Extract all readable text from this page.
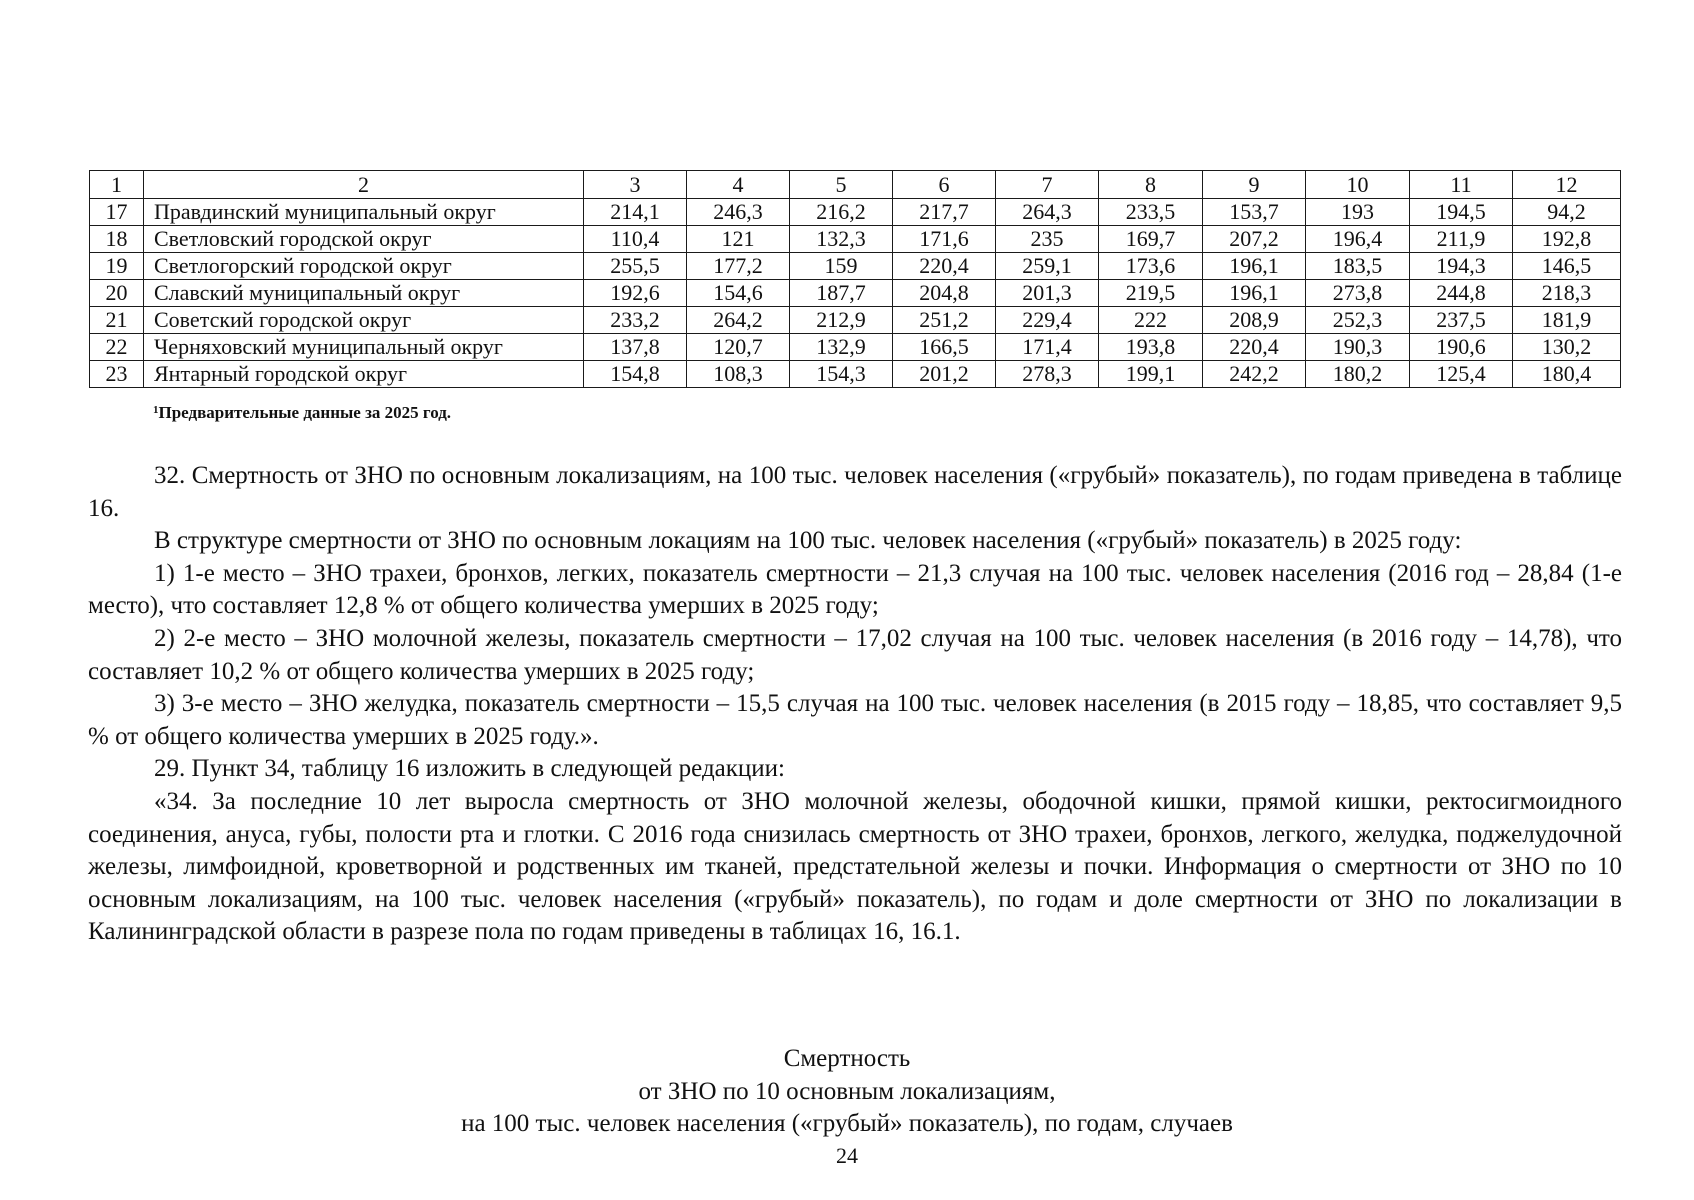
1	2	3	4	5	6	7	8	9	10	11	12
17	Правдинский муниципальный округ	214,1	246,3	216,2	217,7	264,3	233,5	153,7	193	194,5	94,2
18	Светловский городской округ	110,4	121	132,3	171,6	235	169,7	207,2	196,4	211,9	192,8
19	Светлогорский городской округ	255,5	177,2	159	220,4	259,1	173,6	196,1	183,5	194,3	146,5
20	Славский муниципальный округ	192,6	154,6	187,7	204,8	201,3	219,5	196,1	273,8	244,8	218,3
21	Советский городской округ	233,2	264,2	212,9	251,2	229,4	222	208,9	252,3	237,5	181,9
22	Черняховский муниципальный округ	137,8	120,7	132,9	166,5	171,4	193,8	220,4	190,3	190,6	130,2
23	Янтарный городской округ	154,8	108,3	154,3	201,2	278,3	199,1	242,2	180,2	125,4	180,4
$^1$Предварительные данные за 2025 год.

32. Смертность от ЗНО по основным локализациям, на 100 тыс. человек населения («грубый» показатель), по годам приведена в таблице 16.

В структуре смертности от ЗНО по основным локациям на 100 тыс. человек населения («грубый» показатель) в 2025 году:

1) 1-е место – ЗНО трахеи, бронхов, легких, показатель смертности – 21,3 случая на 100 тыс. человек населения (2016 год – 28,84 (1-е место), что составляет 12,8 % от общего количества умерших в 2025 году;

2) 2-е место – ЗНО молочной железы, показатель смертности – 17,02 случая на 100 тыс. человек населения (в 2016 году – 14,78), что составляет 10,2 % от общего количества умерших в 2025 году;

3) 3-е место – ЗНО желудка, показатель смертности – 15,5 случая на 100 тыс. человек населения (в 2015 году – 18,85, что составляет 9,5 % от общего количества умерших в 2025 году.».

29. Пункт 34, таблицу 16 изложить в следующей редакции:

«34. За последние 10 лет выросла смертность от ЗНО молочной железы, ободочной кишки, прямой кишки, ректосигмоидного соединения, ануса, губы, полости рта и глотки. С 2016 года снизилась смертность от ЗНО трахеи, бронхов, легкого, желудка, поджелудочной железы, лимфоидной, кроветворной и родственных им тканей, предстательной железы и почки. Информация о смертности от ЗНО по 10 основным локализациям, на 100 тыс. человек населения («грубый» показатель), по годам и доле смертности от ЗНО по локализации в Калининградской области в разрезе пола по годам приведены в таблицах 16, 16.1.

Смертность
от ЗНО по 10 основным локализациям,
на 100 тыс. человек населения («грубый» показатель), по годам, случаев
24
